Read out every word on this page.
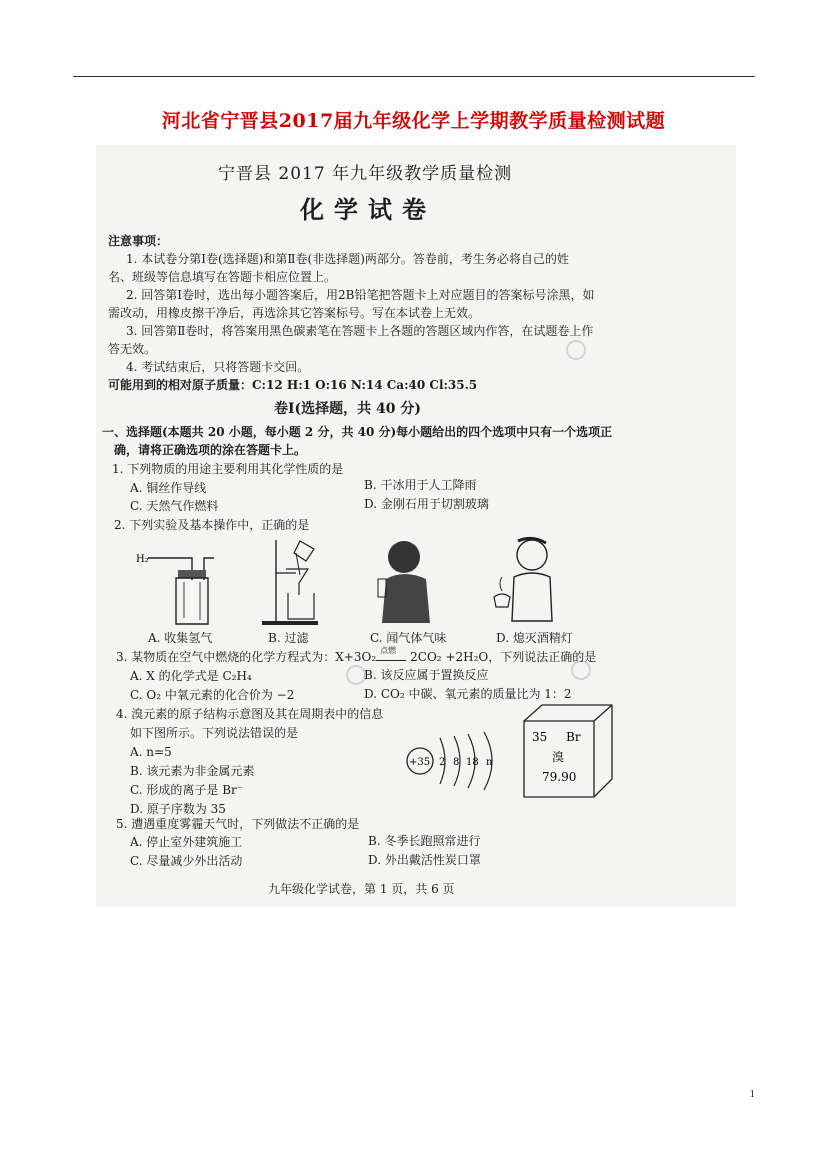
河北省宁晋县2017届九年级化学上学期教学质量检测试题
宁晋县 2017 年九年级教学质量检测
化学试卷
注意事项：
1. 本试卷分第Ⅰ卷(选择题)和第Ⅱ卷(非选择题)两部分。答卷前，考生务必将自己的姓
名、班级等信息填写在答题卡相应位置上。
2. 回答第Ⅰ卷时，选出每小题答案后，用2B铅笔把答题卡上对应题目的答案标号涂黑，如
需改动，用橡皮擦干净后，再选涂其它答案标号。写在本试卷上无效。
3. 回答第Ⅱ卷时，将答案用黑色碳素笔在答题卡上各题的答题区域内作答，在试题卷上作
答无效。
4. 考试结束后，只将答题卡交回。
可能用到的相对原子质量：C:12 H:1 O:16 N:14 Ca:40 Cl:35.5
卷Ⅰ(选择题，共 40 分)
一、选择题(本题共 20 小题，每小题 2 分，共 40 分)每小题给出的四个选项中只有一个选项正
确，请将正确选项的涂在答题卡上。
1. 下列物质的用途主要利用其化学性质的是
A. 铜丝作导线	B. 干冰用于人工降雨
C. 天然气作燃料	D. 金刚石用于切割玻璃
2. 下列实验及基本操作中，正确的是
H₂
A. 收集氢气	B. 过滤	C. 闻气体气味	D. 熄灭酒精灯
3. 某物质在空气中燃烧的化学方程式为：X+3O₂ 点燃 2CO₂ +2H₂O，下列说法正确的是
A. X 的化学式是 C₂H₄	B. 该反应属于置换反应
C. O₂ 中氧元素的化合价为 −2	D. CO₂ 中碳、氧元素的质量比为 1：2
4. 溴元素的原子结构示意图及其在周期表中的信息
如下图所示。下列说法错误的是
A. n=5
B. 该元素为非金属元素
C. 形成的离子是 Br⁻
D. 原子序数为 35
+35 2 8 18 n
35 Br
溴
79.90
5. 遭遇重度雾霾天气时，下列做法不正确的是
A. 停止室外建筑施工	B. 冬季长跑照常进行
C. 尽量减少外出活动	D. 外出戴活性炭口罩
九年级化学试卷，第 1 页，共 6 页
1
